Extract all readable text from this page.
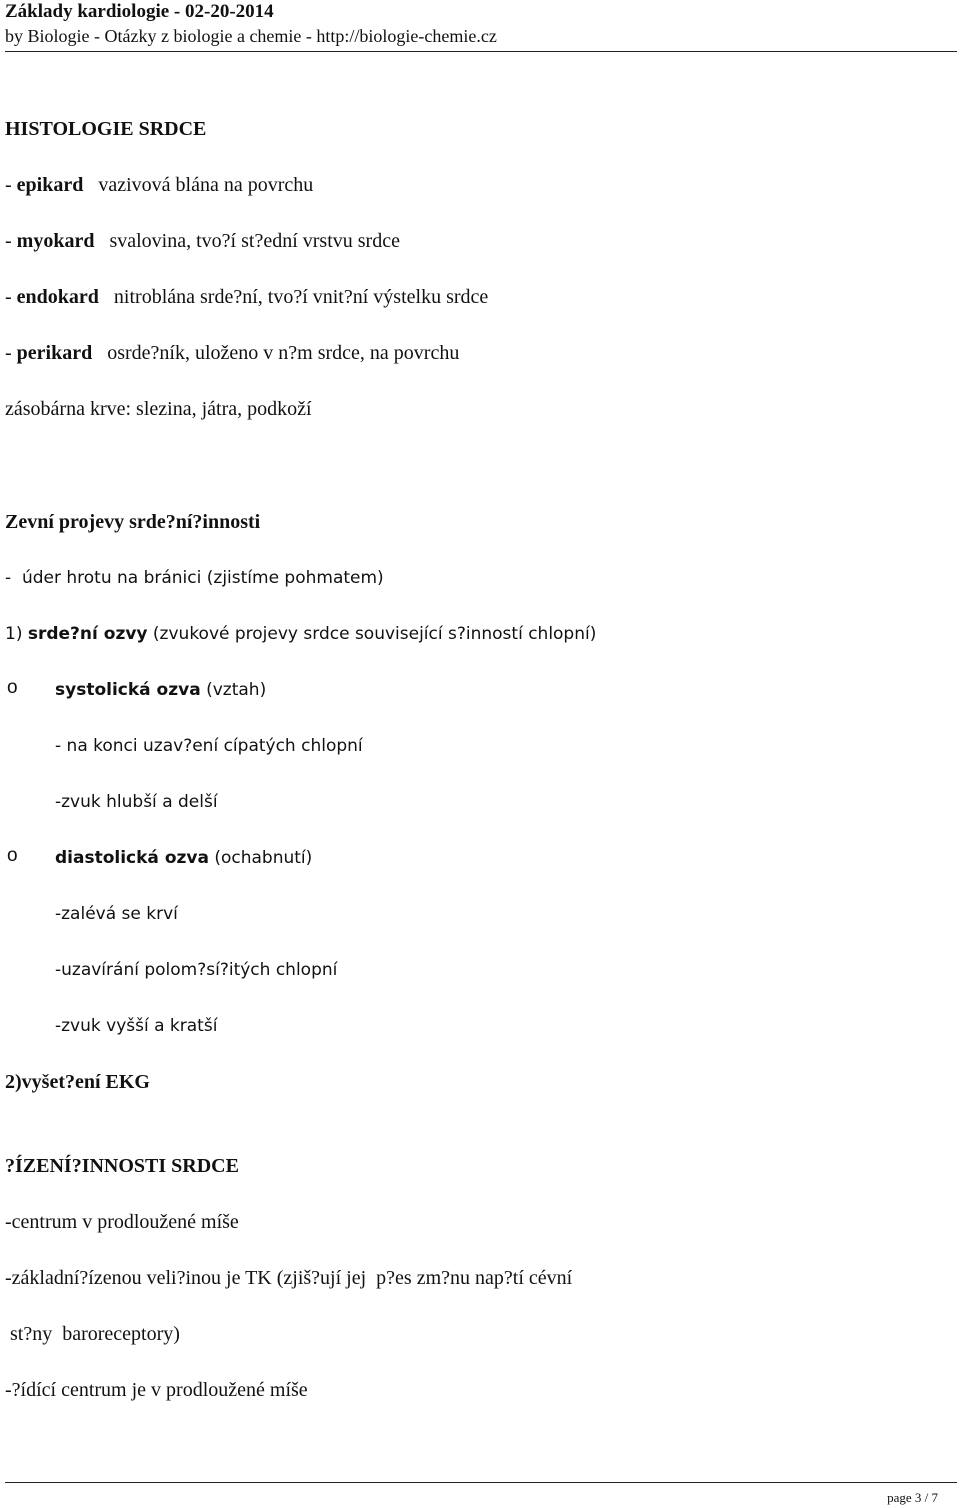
Základy kardiologie - 02-20-2014
by Biologie - Otázky z biologie a chemie - http://biologie-chemie.cz
HISTOLOGIE SRDCE
- epikard vazivová blána na povrchu
- myokard svalovina, tvo?í st?ední vrstvu srdce
- endokard nitroblána srde?ní, tvo?í vnit?ní výstelku srdce
- perikard osrde?ník, uloženo v n?m srdce, na povrchu
zásobárna krve: slezina, játra, podkoží
Zevní projevy srde?ní?innosti
-  úder hrotu na bránici (zjistíme pohmatem)
1) srde?ní ozvy (zvukové projevy srdce související s?inností chlopní)
o systolická ozva (vztah)
- na konci uzav?ení cípatých chlopní
-zvuk hlubší a delší
o diastolická ozva (ochabnutí)
-zalévá se krví
-uzavírání polom?sí?itých chlopní
-zvuk vyšší a kratší
2)vyšet?ení EKG
?ÍZENÍ?INNOSTI SRDCE
-centrum v prodloužené míše
-základní?ízenou veli?inou je TK (zjiš?ují jej  p?es zm?nu nap?tí cévní
st?ny  baroreceptory)
-?ídící centrum je v prodloužené míše
page 3 / 7
